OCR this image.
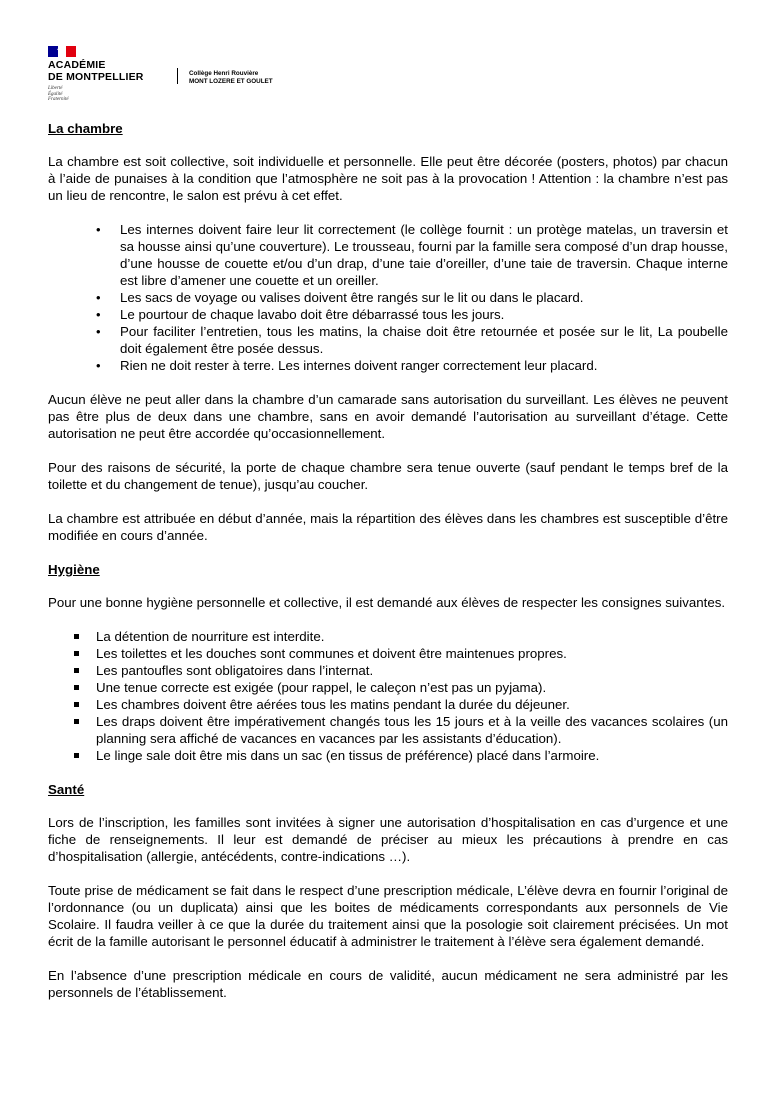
ACADÉMIE
DE MONTPELLIER
Liberté
Égalité
Fraternité
Collège Henri Rouvière
MONT LOZERE ET GOULET
La chambre

La chambre est soit collective, soit individuelle et personnelle. Elle peut être décorée (posters, photos) par chacun à l’aide de punaises à la condition que l’atmosphère ne soit pas à la provocation ! Attention : la chambre n’est pas un lieu de rencontre, le salon est prévu à cet effet.

• Les internes doivent faire leur lit correctement (le collège fournit : un protège matelas, un traversin et sa housse ainsi qu’une couverture). Le trousseau, fourni par la famille sera composé d’un drap housse, d’une housse de couette et/ou d’un drap, d’une taie d’oreiller, d’une taie de traversin. Chaque interne est libre d’amener une couette et un oreiller.
• Les sacs de voyage ou valises doivent être rangés sur le lit ou dans le placard.
• Le pourtour de chaque lavabo doit être débarrassé tous les jours.
• Pour faciliter l’entretien, tous les matins, la chaise doit être retournée et posée sur le lit, La poubelle doit également être posée dessus.
• Rien ne doit rester à terre. Les internes doivent ranger correctement leur placard.

Aucun élève ne peut aller dans la chambre d’un camarade sans autorisation du surveillant. Les élèves ne peuvent pas être plus de deux dans une chambre, sans en avoir demandé l’autorisation au surveillant d’étage. Cette autorisation ne peut être accordée qu’occasionnellement.

Pour des raisons de sécurité, la porte de chaque chambre sera tenue ouverte (sauf pendant le temps bref de la toilette et du changement de tenue), jusqu’au coucher.

La chambre est attribuée en début d’année, mais la répartition des élèves dans les chambres est susceptible d’être modifiée en cours d’année.

Hygiène

Pour une bonne hygiène personnelle et collective, il est demandé aux élèves de respecter les consignes suivantes.

La détention de nourriture est interdite.
Les toilettes et les douches sont communes et doivent être maintenues propres.
Les pantoufles sont obligatoires dans l’internat.
Une tenue correcte est exigée (pour rappel, le caleçon n’est pas un pyjama).
Les chambres doivent être aérées tous les matins pendant la durée du déjeuner.
Les draps doivent être impérativement changés tous les 15 jours et à la veille des vacances scolaires (un planning sera affiché de vacances en vacances par les assistants d’éducation).
Le linge sale doit être mis dans un sac (en tissus de préférence) placé dans l’armoire.
Santé

Lors de l’inscription, les familles sont invitées à signer une autorisation d’hospitalisation en cas d’urgence et une fiche de renseignements. Il leur est demandé de préciser au mieux les précautions à prendre en cas d’hospitalisation (allergie, antécédents, contre-indications …).

Toute prise de médicament se fait dans le respect d’une prescription médicale, L’élève devra en fournir l’original de l’ordonnance (ou un duplicata) ainsi que les boites de médicaments correspondants aux personnels de Vie Scolaire. Il faudra veiller à ce que la durée du traitement ainsi que la posologie soit clairement précisées. Un mot écrit de la famille autorisant le personnel éducatif à administrer le traitement à l’élève sera également demandé.

En l’absence d’une prescription médicale en cours de validité, aucun médicament ne sera administré par les personnels de l’établissement.
